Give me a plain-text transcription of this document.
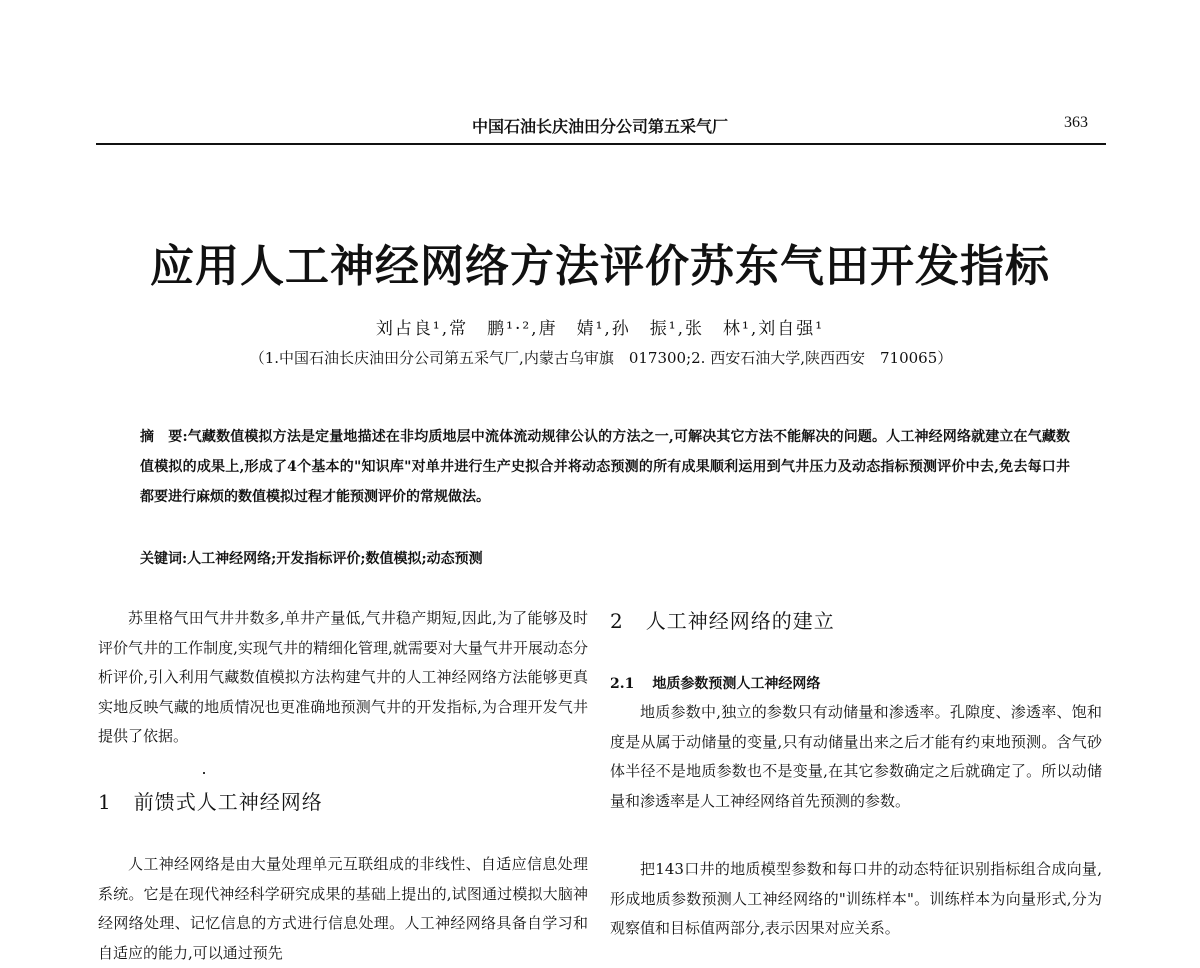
中国石油长庆油田分公司第五采气厂	363
应用人工神经网络方法评价苏东气田开发指标
刘占良¹,常　鹏¹·²,唐　婧¹,孙　振¹,张　林¹,刘自强¹
（1.中国石油长庆油田分公司第五采气厂,内蒙古乌审旗　017300;2. 西安石油大学,陕西西安　710065）
摘　要:气藏数值模拟方法是定量地描述在非均质地层中流体流动规律公认的方法之一,可解决其它方法不能解决的问题。人工神经网络就建立在气藏数值模拟的成果上,形成了4个基本的"知识库"对单井进行生产史拟合并将动态预测的所有成果顺利运用到气井压力及动态指标预测评价中去,免去每口井都要进行麻烦的数值模拟过程才能预测评价的常规做法。
关键词:人工神经网络;开发指标评价;数值模拟;动态预测

苏里格气田气井井数多,单井产量低,气井稳产期短,因此,为了能够及时评价气井的工作制度,实现气井的精细化管理,就需要对大量气井开展动态分析评价,引入利用气藏数值模拟方法构建气井的人工神经网络方法能够更真实地反映气藏的地质情况也更准确地预测气井的开发指标,为合理开发气井提供了依据。

1 前馈式人工神经网络

人工神经网络是由大量处理单元互联组成的非线性、自适应信息处理系统。它是在现代神经科学研究成果的基础上提出的,试图通过模拟大脑神经网络处理、记忆信息的方式进行信息处理。人工神经网络具备自学习和自适应的能力,可以通过预先

2 人工神经网络的建立
2.1 地质参数预测人工神经网络

地质参数中,独立的参数只有动储量和渗透率。孔隙度、渗透率、饱和度是从属于动储量的变量,只有动储量出来之后才能有约束地预测。含气砂体半径不是地质参数也不是变量,在其它参数确定之后就确定了。所以动储量和渗透率是人工神经网络首先预测的参数。

把143口井的地质模型参数和每口井的动态特征识别指标组合成向量,形成地质参数预测人工神经网络的"训练样本"。训练样本为向量形式,分为观察值和目标值两部分,表示因果对应关系。
